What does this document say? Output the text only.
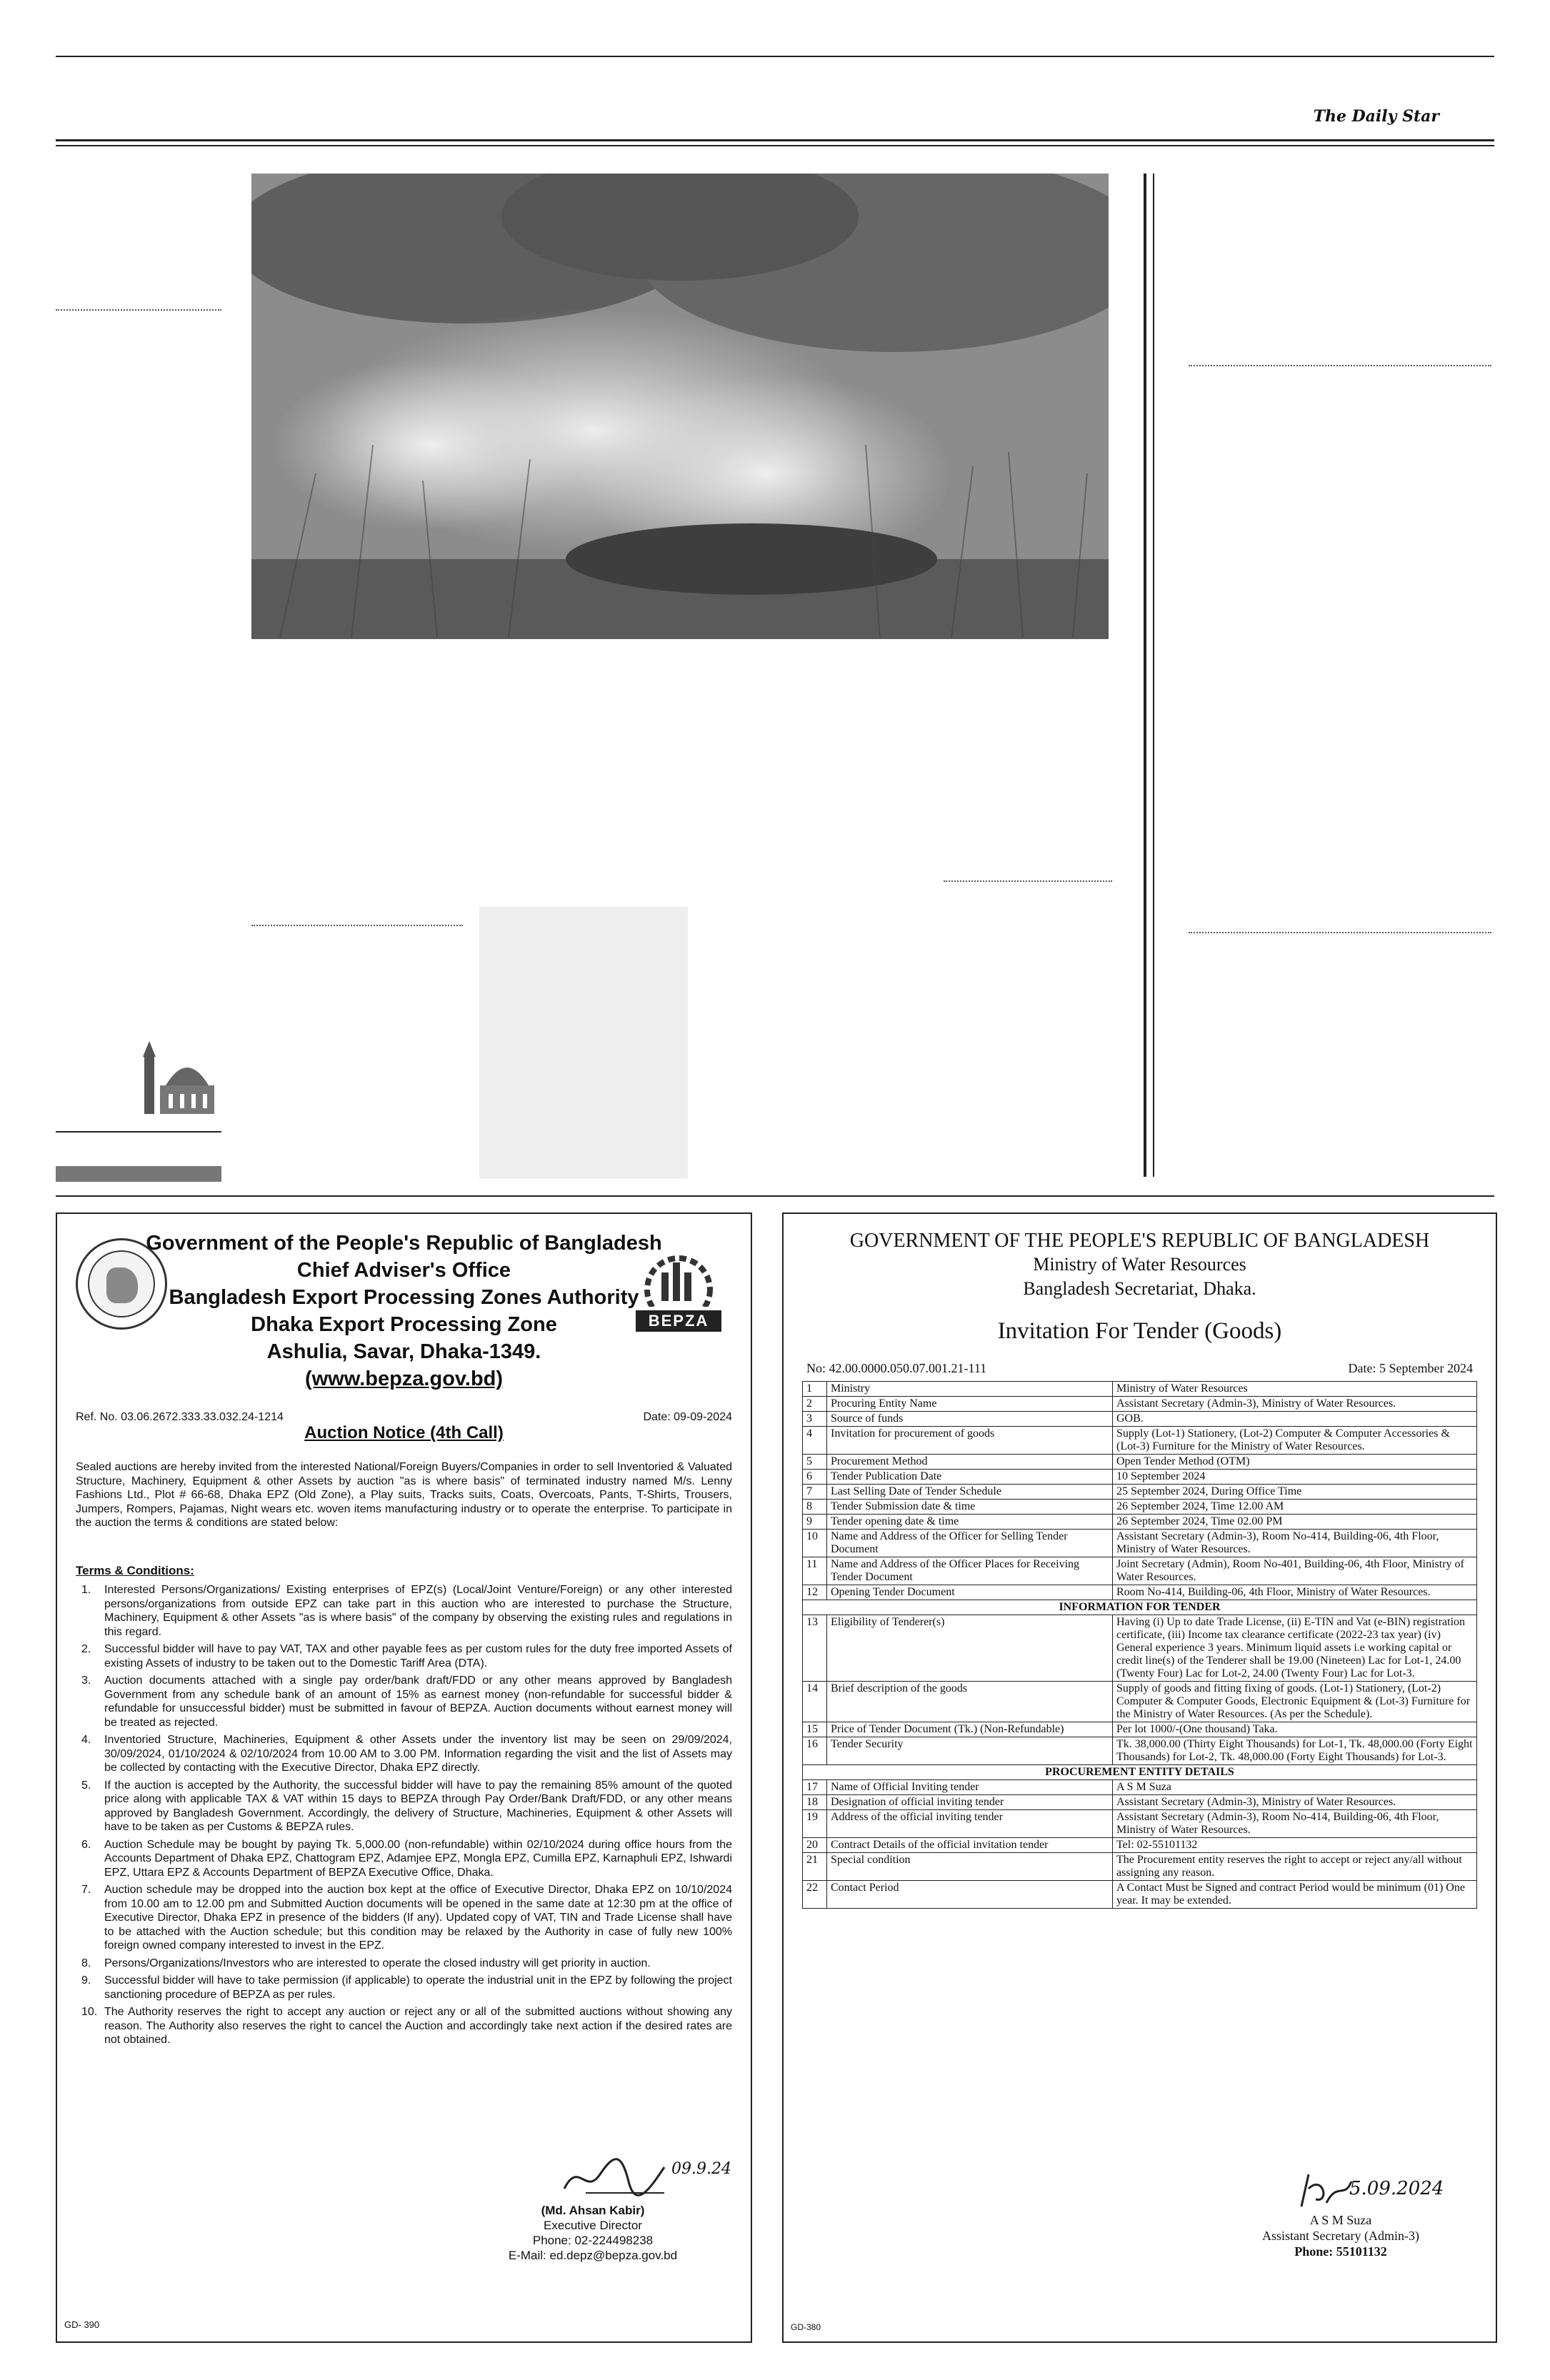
The Daily Star
Government of the People's Republic of Bangladesh
Chief Adviser's Office
Bangladesh Export Processing Zones Authority
Dhaka Export Processing Zone
Ashulia, Savar, Dhaka-1349.
(www.bepza.gov.bd)
BEPZA
Ref. No. 03.06.2672.333.33.032.24-1214	Date: 09-09-2024
Auction Notice (4th Call)
Sealed auctions are hereby invited from the interested National/Foreign Buyers/Companies in order to sell Inventoried & Valuated Structure, Machinery, Equipment & other Assets by auction "as is where basis" of terminated industry named M/s. Lenny Fashions Ltd., Plot # 66-68, Dhaka EPZ (Old Zone), a Play suits, Tracks suits, Coats, Overcoats, Pants, T-Shirts, Trousers, Jumpers, Rompers, Pajamas, Night wears etc. woven items manufacturing industry or to operate the enterprise. To participate in the auction the terms & conditions are stated below:
Terms & Conditions:
1. Interested Persons/Organizations/ Existing enterprises of EPZ(s) (Local/Joint Venture/Foreign) or any other interested persons/organizations from outside EPZ can take part in this auction who are interested to purchase the Structure, Machinery, Equipment & other Assets "as is where basis" of the company by observing the existing rules and regulations in this regard.

2. Successful bidder will have to pay VAT, TAX and other payable fees as per custom rules for the duty free imported Assets of existing Assets of industry to be taken out to the Domestic Tariff Area (DTA).

3. Auction documents attached with a single pay order/bank draft/FDD or any other means approved by Bangladesh Government from any schedule bank of an amount of 15% as earnest money (non-refundable for successful bidder & refundable for unsuccessful bidder) must be submitted in favour of BEPZA. Auction documents without earnest money will be treated as rejected.

4. Inventoried Structure, Machineries, Equipment & other Assets under the inventory list may be seen on 29/09/2024, 30/09/2024, 01/10/2024 & 02/10/2024 from 10.00 AM to 3.00 PM. Information regarding the visit and the list of Assets may be collected by contacting with the Executive Director, Dhaka EPZ directly.

5. If the auction is accepted by the Authority, the successful bidder will have to pay the remaining 85% amount of the quoted price along with applicable TAX & VAT within 15 days to BEPZA through Pay Order/Bank Draft/FDD, or any other means approved by Bangladesh Government. Accordingly, the delivery of Structure, Machineries, Equipment & other Assets will have to be taken as per Customs & BEPZA rules.

6. Auction Schedule may be bought by paying Tk. 5,000.00 (non-refundable) within 02/10/2024 during office hours from the Accounts Department of Dhaka EPZ, Chattogram EPZ, Adamjee EPZ, Mongla EPZ, Cumilla EPZ, Karnaphuli EPZ, Ishwardi EPZ, Uttara EPZ & Accounts Department of BEPZA Executive Office, Dhaka.

7. Auction schedule may be dropped into the auction box kept at the office of Executive Director, Dhaka EPZ on 10/10/2024 from 10.00 am to 12.00 pm and Submitted Auction documents will be opened in the same date at 12:30 pm at the office of Executive Director, Dhaka EPZ in presence of the bidders (If any). Updated copy of VAT, TIN and Trade License shall have to be attached with the Auction schedule; but this condition may be relaxed by the Authority in case of fully new 100% foreign owned company interested to invest in the EPZ.

8. Persons/Organizations/Investors who are interested to operate the closed industry will get priority in auction.

9. Successful bidder will have to take permission (if applicable) to operate the industrial unit in the EPZ by following the project sanctioning procedure of BEPZA as per rules.

10. The Authority reserves the right to accept any auction or reject any or all of the submitted auctions without showing any reason. The Authority also reserves the right to cancel the Auction and accordingly take next action if the desired rates are not obtained.

09.9.24
(Md. Ahsan Kabir)
Executive Director
Phone: 02-224498238
E-Mail: ed.depz@bepza.gov.bd
GD- 390
GOVERNMENT OF THE PEOPLE'S REPUBLIC OF BANGLADESH
Ministry of Water Resources
Bangladesh Secretariat, Dhaka.
Invitation For Tender (Goods)
No: 42.00.0000.050.07.001.21-111	Date: 5 September 2024
1	Ministry	Ministry of Water Resources
2	Procuring Entity Name	Assistant Secretary (Admin-3), Ministry of Water Resources.
3	Source of funds	GOB.
4	Invitation for procurement of goods	Supply (Lot-1) Stationery, (Lot-2) Computer & Computer Accessories & (Lot-3) Furniture for the Ministry of Water Resources.
5	Procurement Method	Open Tender Method (OTM)
6	Tender Publication Date	10 September 2024
7	Last Selling Date of Tender Schedule	25 September 2024, During Office Time
8	Tender Submission date & time	26 September 2024, Time 12.00 AM
9	Tender opening date & time	26 September 2024, Time 02.00 PM
10	Name and Address of the Officer for Selling Tender Document	Assistant Secretary (Admin-3), Room No-414, Building-06, 4th Floor, Ministry of Water Resources.
11	Name and Address of the Officer Places for Receiving Tender Document	Joint Secretary (Admin), Room No-401, Building-06, 4th Floor, Ministry of Water Resources.
12	Opening Tender Document	Room No-414, Building-06, 4th Floor, Ministry of Water Resources.
INFORMATION FOR TENDER		
13	Eligibility of Tenderer(s)	Having (i) Up to date Trade License, (ii) E-TIN and Vat (e-BIN) registration certificate, (iii) Income tax clearance certificate (2022-23 tax year) (iv) General experience 3 years. Minimum liquid assets i.e working capital or credit line(s) of the Tenderer shall be 19.00 (Nineteen) Lac for Lot-1, 24.00 (Twenty Four) Lac for Lot-2, 24.00 (Twenty Four) Lac for Lot-3.
14	Brief description of the goods	Supply of goods and fitting fixing of goods. (Lot-1) Stationery, (Lot-2) Computer & Computer Goods, Electronic Equipment & (Lot-3) Furniture for the Ministry of Water Resources. (As per the Schedule).
15	Price of Tender Document (Tk.) (Non-Refundable)	Per lot 1000/-(One thousand) Taka.
16	Tender Security	Tk. 38,000.00 (Thirty Eight Thousands) for Lot-1, Tk. 48,000.00 (Forty Eight Thousands) for Lot-2, Tk. 48,000.00 (Forty Eight Thousands) for Lot-3.
PROCUREMENT ENTITY DETAILS		
17	Name of Official Inviting tender	A S M Suza
18	Designation of official inviting tender	Assistant Secretary (Admin-3), Ministry of Water Resources.
19	Address of the official inviting tender	Assistant Secretary (Admin-3), Room No-414, Building-06, 4th Floor, Ministry of Water Resources.
20	Contract Details of the official invitation tender	Tel: 02-55101132
21	Special condition	The Procurement entity reserves the right to accept or reject any/all without assigning any reason.
22	Contact Period	A Contact Must be Signed and contract Period would be minimum (01) One year. It may be extended.
5.09.2024
A S M Suza
Assistant Secretary (Admin-3)
Phone: 55101132
GD-380
